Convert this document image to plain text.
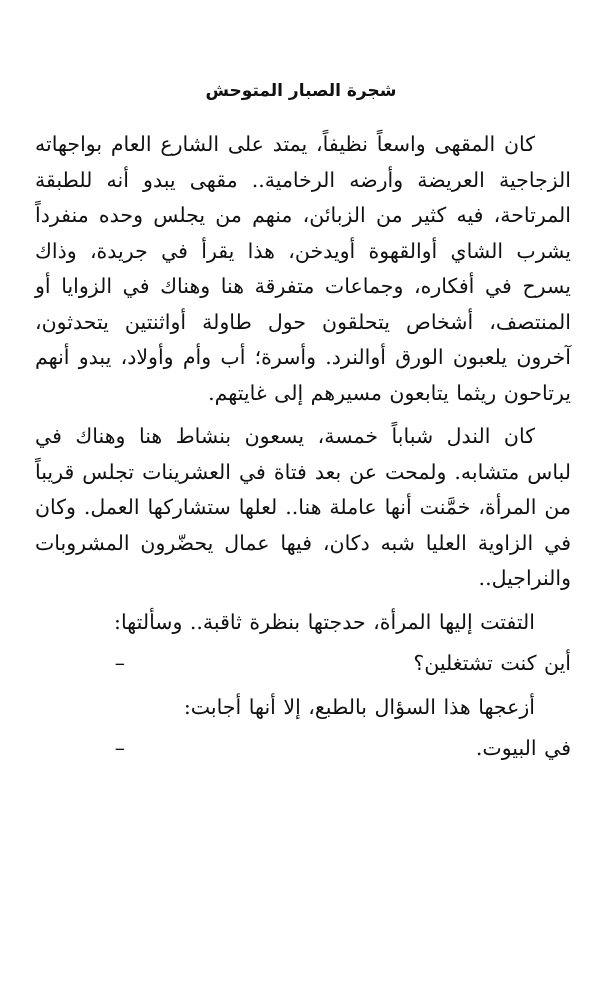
شجرة الصبار المتوحش

كان المقهى واسعاً نظيفاً، يمتد على الشارع العام بواجهاته الزجاجية العريضة وأرضه الرخامية.. مقهى يبدو أنه للطبقة المرتاحة، فيه كثير من الزبائن، منهم من يجلس وحده منفرداً يشرب الشاي أوالقهوة أويدخن، هذا يقرأ في جريدة، وذاك يسرح في أفكاره، وجماعات متفرقة هنا وهناك في الزوايا أو المنتصف، أشخاص يتحلقون حول طاولة أواثنتين يتحدثون، آخرون يلعبون الورق أوالنرد. وأسرة؛ أب وأم وأولاد، يبدو أنهم يرتاحون ريثما يتابعون مسيرهم إلى غايتهم.

كان الندل شباباً خمسة، يسعون بنشاط هنا وهناك في لباس متشابه. ولمحت عن بعد فتاة في العشرينات تجلس قريباً من المرأة، خمَّنت أنها عاملة هنا.. لعلها ستشاركها العمل. وكان في الزاوية العليا شبه دكان، فيها عمال يحضّرون المشروبات والنراجيل..

التفتت إليها المرأة، حدجتها بنظرة ثاقبة.. وسألتها:

أين كنت تشتغلين؟
–

أزعجها هذا السؤال بالطبع، إلا أنها أجابت:

في البيوت.
–
